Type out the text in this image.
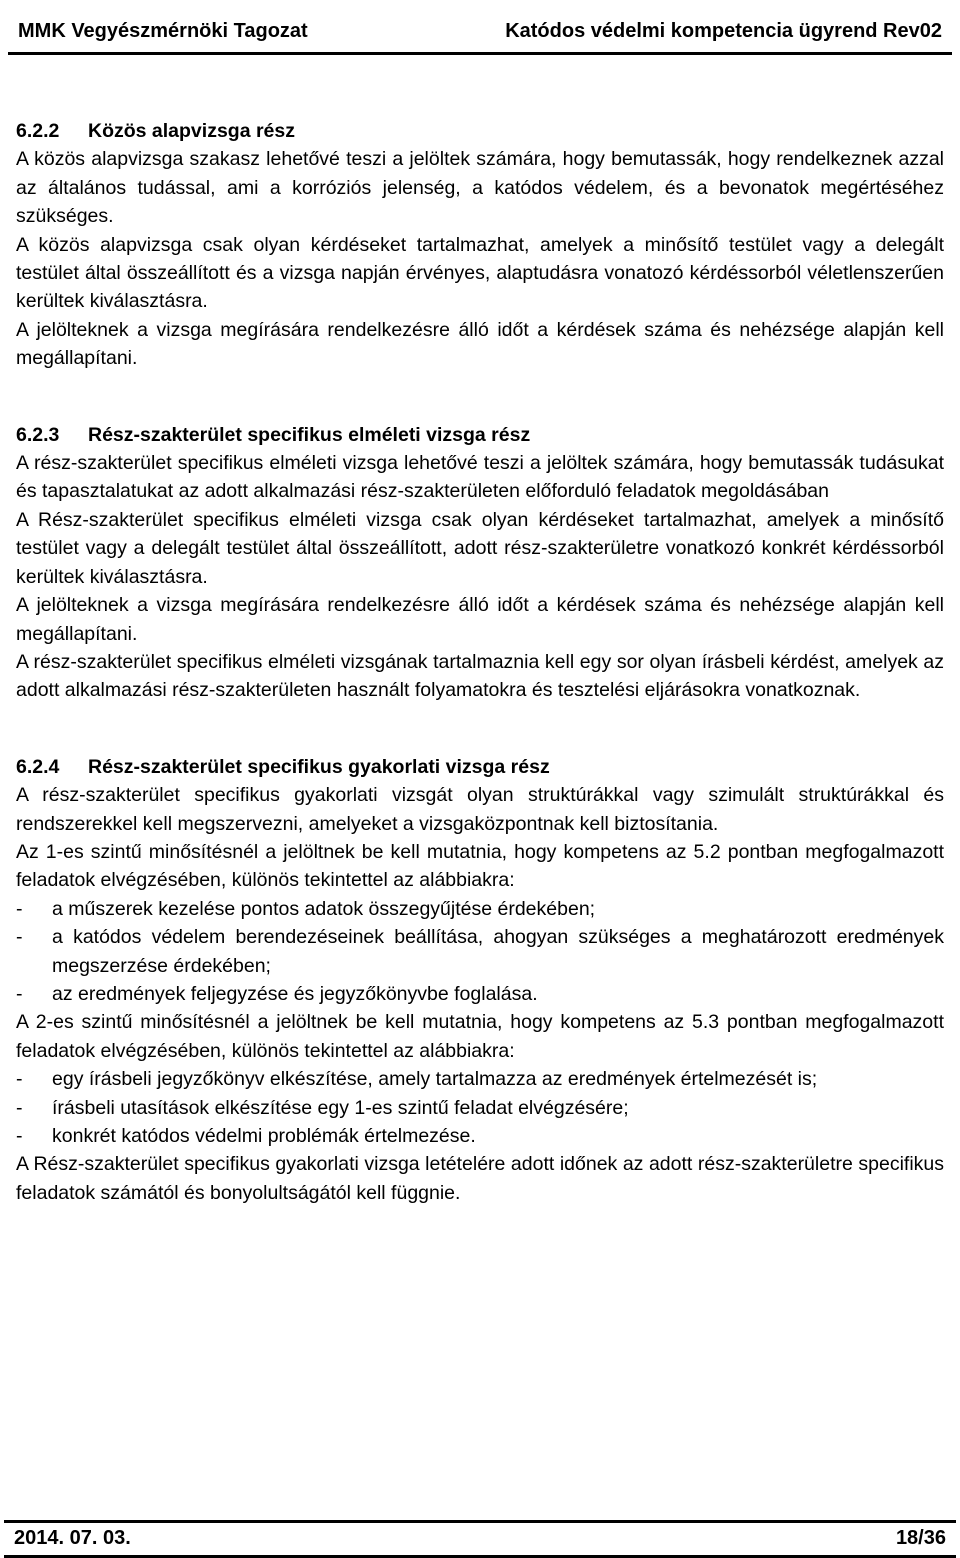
MMK Vegyészmérnöki Tagozat	Katódos védelmi kompetencia ügyrend Rev02

6.2.2 Közös alapvizsga rész

A közös alapvizsga szakasz lehetővé teszi a jelöltek számára, hogy bemutassák, hogy rendelkeznek azzal az általános tudással, ami a korróziós jelenség, a katódos védelem, és a bevonatok megértéséhez szükséges.

A közös alapvizsga csak olyan kérdéseket tartalmazhat, amelyek a minősítő testület vagy a delegált testület által összeállított és a vizsga napján érvényes, alaptudásra vonatozó kérdéssorból véletlenszerűen kerültek kiválasztásra.

A jelölteknek a vizsga megírására rendelkezésre álló időt a kérdések száma és nehézsége alapján kell megállapítani.

6.2.3 Rész-szakterület specifikus elméleti vizsga rész

A rész-szakterület specifikus elméleti vizsga lehetővé teszi a jelöltek számára, hogy bemutassák tudásukat és tapasztalatukat az adott alkalmazási rész-szakterületen előforduló feladatok megoldásában

A Rész-szakterület specifikus elméleti vizsga csak olyan kérdéseket tartalmazhat, amelyek a minősítő testület vagy a delegált testület által összeállított, adott rész-szakterületre vonatkozó konkrét kérdéssorból kerültek kiválasztásra.

A jelölteknek a vizsga megírására rendelkezésre álló időt a kérdések száma és nehézsége alapján kell megállapítani.

A rész-szakterület specifikus elméleti vizsgának tartalmaznia kell egy sor olyan írásbeli kérdést, amelyek az adott alkalmazási rész-szakterületen használt folyamatokra és tesztelési eljárásokra vonatkoznak.

6.2.4 Rész-szakterület specifikus gyakorlati vizsga rész

A rész-szakterület specifikus gyakorlati vizsgát olyan struktúrákkal vagy szimulált struktúrákkal és rendszerekkel kell megszervezni, amelyeket a vizsgaközpontnak kell biztosítania.

Az 1-es szintű minősítésnél a jelöltnek be kell mutatnia, hogy kompetens az 5.2 pontban megfogalmazott feladatok elvégzésében, különös tekintettel az alábbiakra:

- a műszerek kezelése pontos adatok összegyűjtése érdekében;
- a katódos védelem berendezéseinek beállítása, ahogyan szükséges a meghatározott eredmények megszerzése érdekében;
- az eredmények feljegyzése és jegyzőkönyvbe foglalása.

A 2-es szintű minősítésnél a jelöltnek be kell mutatnia, hogy kompetens az 5.3 pontban megfogalmazott feladatok elvégzésében, különös tekintettel az alábbiakra:

- egy írásbeli jegyzőkönyv elkészítése, amely tartalmazza az eredmények értelmezését is;
- írásbeli utasítások elkészítése egy 1-es szintű feladat elvégzésére;
- konkrét katódos védelmi problémák értelmezése.

A Rész-szakterület specifikus gyakorlati vizsga letételére adott időnek az adott rész-szakterületre specifikus feladatok számától és bonyolultságától kell függnie.

2014. 07. 03.	18/36
